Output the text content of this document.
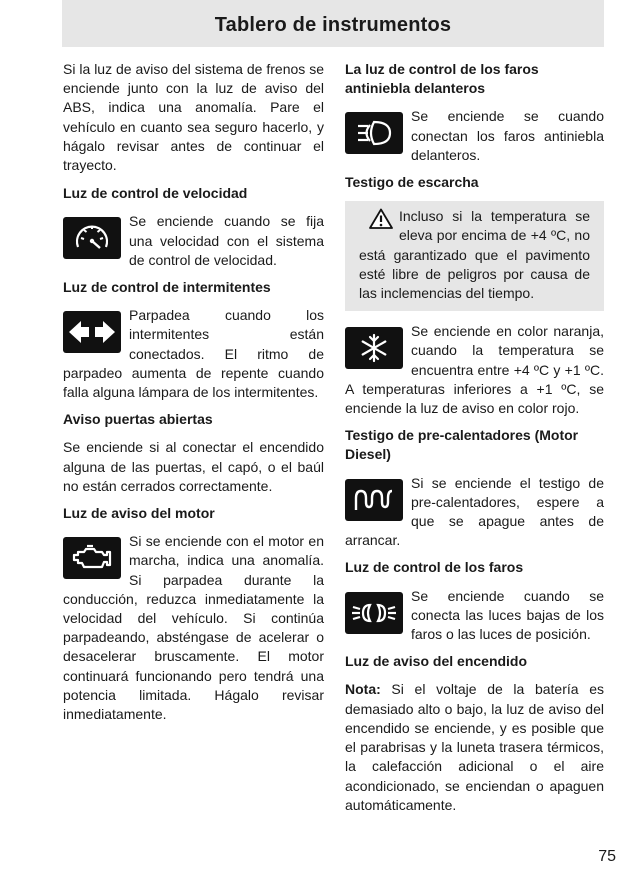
Tablero de instrumentos

Si la luz de aviso del sistema de frenos se enciende junto con la luz de aviso del ABS, indica una anomalía. Pare el vehículo en cuanto sea seguro hacerlo, y hágalo revisar antes de continuar el trayecto.

Luz de control de velocidad

Se enciende cuando se fija una velocidad con el sistema de control de velocidad.

Luz de control de intermitentes

Parpadea cuando los intermitentes están conectados. El ritmo de parpadeo aumenta de repente cuando falla alguna lámpara de los intermitentes.

Aviso puertas abiertas

Se enciende si al conectar el encendido alguna de las puertas, el capó, o el baúl no están cerrados correctamente.

Luz de aviso del motor

Si se enciende con el motor en marcha, indica una anomalía. Si parpadea durante la conducción, reduzca inmediatamente la velocidad del vehículo. Si continúa parpadeando, absténgase de acelerar o desacelerar bruscamente. El motor continuará funcionando pero tendrá una potencia limitada. Hágalo revisar inmediatamente.

La luz de control de los faros antiniebla delanteros

Se enciende se cuando conectan los faros antiniebla delanteros.

Testigo de escarcha

Incluso si la temperatura se eleva por encima de +4 ºC, no está garantizado que el pavimento esté libre de peligros por causa de las inclemencias del tiempo.

Se enciende en color naranja, cuando la temperatura se encuentra entre +4 ºC y +1 ºC. A temperaturas inferiores a +1 ºC, se enciende la luz de aviso en color rojo.

Testigo de pre-calentadores (Motor Diesel)

Si se enciende el testigo de pre-calentadores, espere a que se apague antes de arrancar.

Luz de control de los faros

Se enciende cuando se conecta las luces bajas de los faros o las luces de posición.

Luz de aviso del encendido

Nota: Si el voltaje de la batería es demasiado alto o bajo, la luz de aviso del encendido se enciende, y es posible que el parabrisas y la luneta trasera térmicos, la calefacción adicional o el aire acondicionado, se enciendan o apaguen automáticamente.

75
